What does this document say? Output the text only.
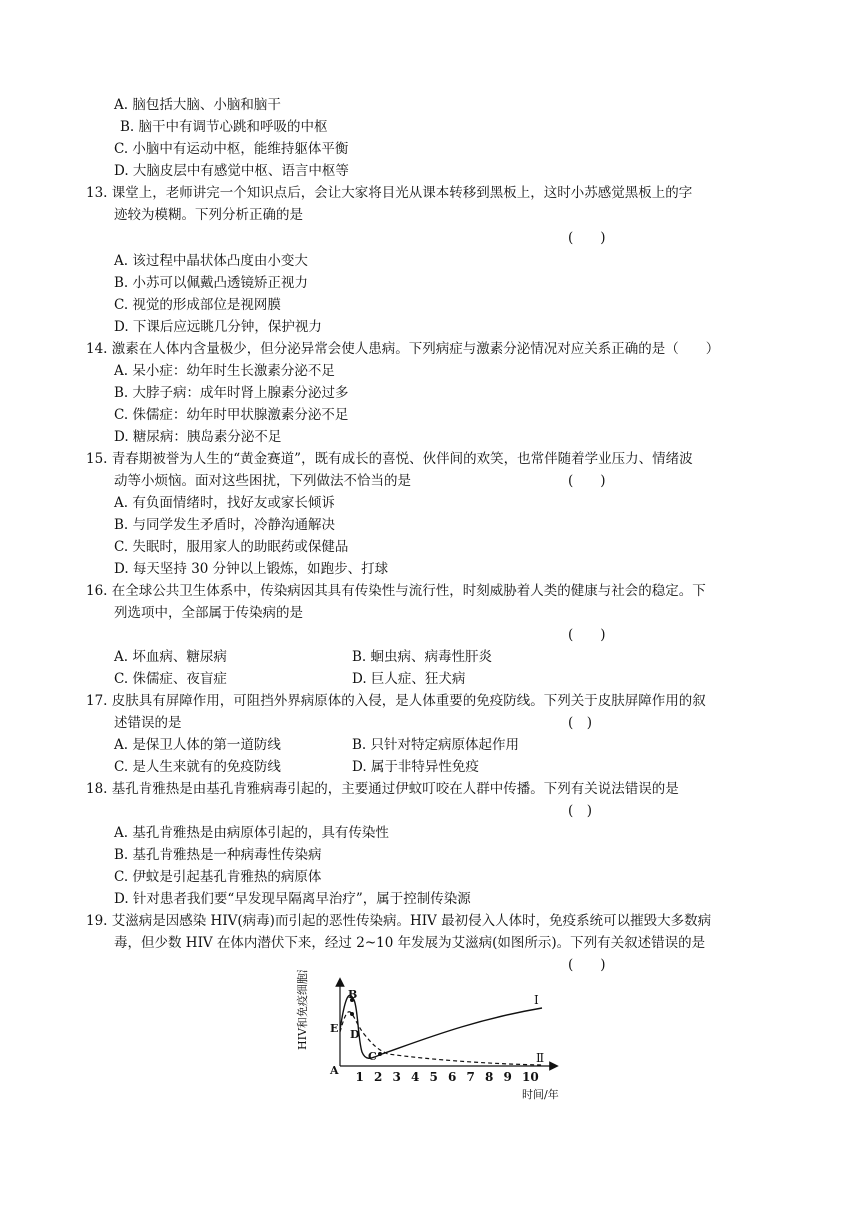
A. 脑包括大脑、小脑和脑干
B. 脑干中有调节心跳和呼吸的中枢
C. 小脑中有运动中枢，能维持躯体平衡
D. 大脑皮层中有感觉中枢、语言中枢等
13. 课堂上，老师讲完一个知识点后，会让大家将目光从课本转移到黑板上，这时小苏感觉黑板上的字
迹较为模糊。下列分析正确的是
(　　)
A. 该过程中晶状体凸度由小变大
B. 小苏可以佩戴凸透镜矫正视力
C. 视觉的形成部位是视网膜
D. 下课后应远眺几分钟，保护视力
14. 激素在人体内含量极少，但分泌异常会使人患病。下列病症与激素分泌情况对应关系正确的是（　　）
A. 呆小症：幼年时生长激素分泌不足
B. 大脖子病：成年时肾上腺素分泌过多
C. 侏儒症：幼年时甲状腺激素分泌不足
D. 糖尿病：胰岛素分泌不足
15. 青春期被誉为人生的“黄金赛道”，既有成长的喜悦、伙伴间的欢笑，也常伴随着学业压力、情绪波
动等小烦恼。面对这些困扰，下列做法不恰当的是	(　　)
A. 有负面情绪时，找好友或家长倾诉
B. 与同学发生矛盾时，冷静沟通解决
C. 失眠时，服用家人的助眠药或保健品
D. 每天坚持 30 分钟以上锻炼，如跑步、打球
16. 在全球公共卫生体系中，传染病因其具有传染性与流行性，时刻威胁着人类的健康与社会的稳定。下
列选项中，全部属于传染病的是
(　　)
A. 坏血病、糖尿病	B. 蛔虫病、病毒性肝炎
C. 侏儒症、夜盲症	D. 巨人症、狂犬病
17. 皮肤具有屏障作用，可阻挡外界病原体的入侵，是人体重要的免疫防线。下列关于皮肤屏障作用的叙
述错误的是	(　)
A. 是保卫人体的第一道防线	B. 只针对特定病原体起作用
C. 是人生来就有的免疫防线	D. 属于非特异性免疫
18. 基孔肯雅热是由基孔肯雅病毒引起的，主要通过伊蚊叮咬在人群中传播。下列有关说法错误的是
(　)
A. 基孔肯雅热是由病原体引起的，具有传染性
B. 基孔肯雅热是一种病毒性传染病
C. 伊蚊是引起基孔肯雅热的病原体
D. 针对患者我们要“早发现早隔离早治疗”，属于控制传染源
19. 艾滋病是因感染 HIV(病毒)而引起的恶性传染病。HIV 最初侵入人体时，免疫系统可以摧毁大多数病
毒，但少数 HIV 在体内潜伏下来，经过 2~10 年发展为艾滋病(如图所示)。下列有关叙述错误的是
(　　)
HIV和免疫细胞浓度
时间/年
1 2 3 4 5 6 7 8 9 10
A
B
C
D
E
Ⅰ
Ⅱ
